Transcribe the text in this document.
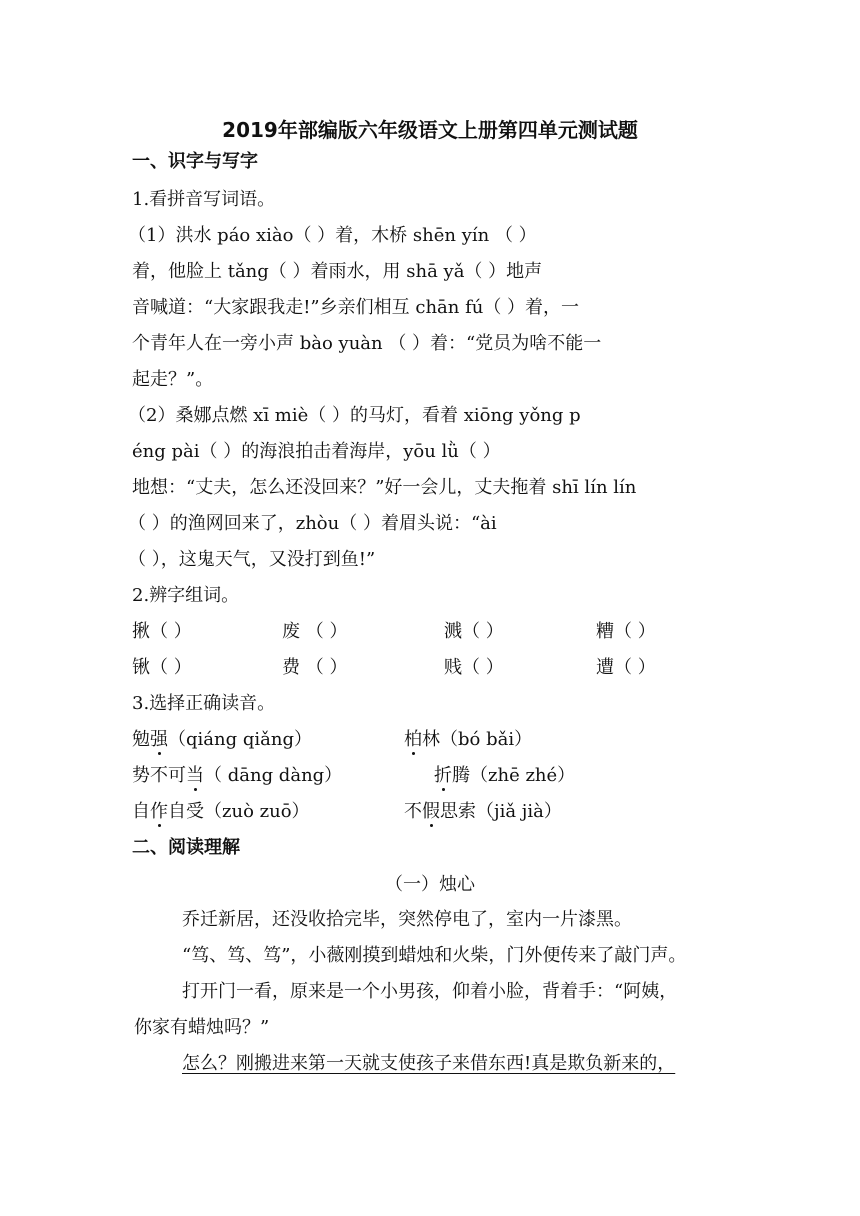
2019年部编版六年级语文上册第四单元测试题
一、识字与写字
1.看拼音写词语。
（1）洪水 páo xiào（ ）着，木桥 shēn yín （ ）
着，他脸上 tǎng（ ）着雨水，用 shā yǎ（ ）地声
音喊道：“大家跟我走!”乡亲们相互 chān fú（ ）着，一
个青年人在一旁小声 bào yuàn （ ）着：“党员为啥不能一
起走？”。
（2）桑娜点燃 xī miè（ ）的马灯，看着 xiōng yǒng p
éng pài（ ）的海浪拍击着海岸，yōu lǜ（ ）
地想：“丈夫，怎么还没回来？”好一会儿，丈夫拖着 shī lín lín
（ ）的渔网回来了，zhòu（ ）着眉头说：“ài
（ ），这鬼天气，又没打到鱼!”
2.辨字组词。
揪（ ）	废 （ ）	溅（ ）	糟（ ）
锹（ ）	费 （ ）	贱（ ）	遭（ ）
3.选择正确读音。
勉强（qiáng qiǎng）	柏林（bó bǎi）
势不可当（ dāng dàng）	折腾（zhē zhé）
自作自受（zuò zuō）	不假思索（jiǎ jià）
二、阅读理解
（一）烛心
乔迁新居，还没收拾完毕，突然停电了，室内一片漆黑。
“笃、笃、笃”，小薇刚摸到蜡烛和火柴，门外便传来了敲门声。
打开门一看，原来是一个小男孩，仰着小脸，背着手：“阿姨，
你家有蜡烛吗？”
怎么？刚搬进来第一天就支使孩子来借东西!真是欺负新来的，
